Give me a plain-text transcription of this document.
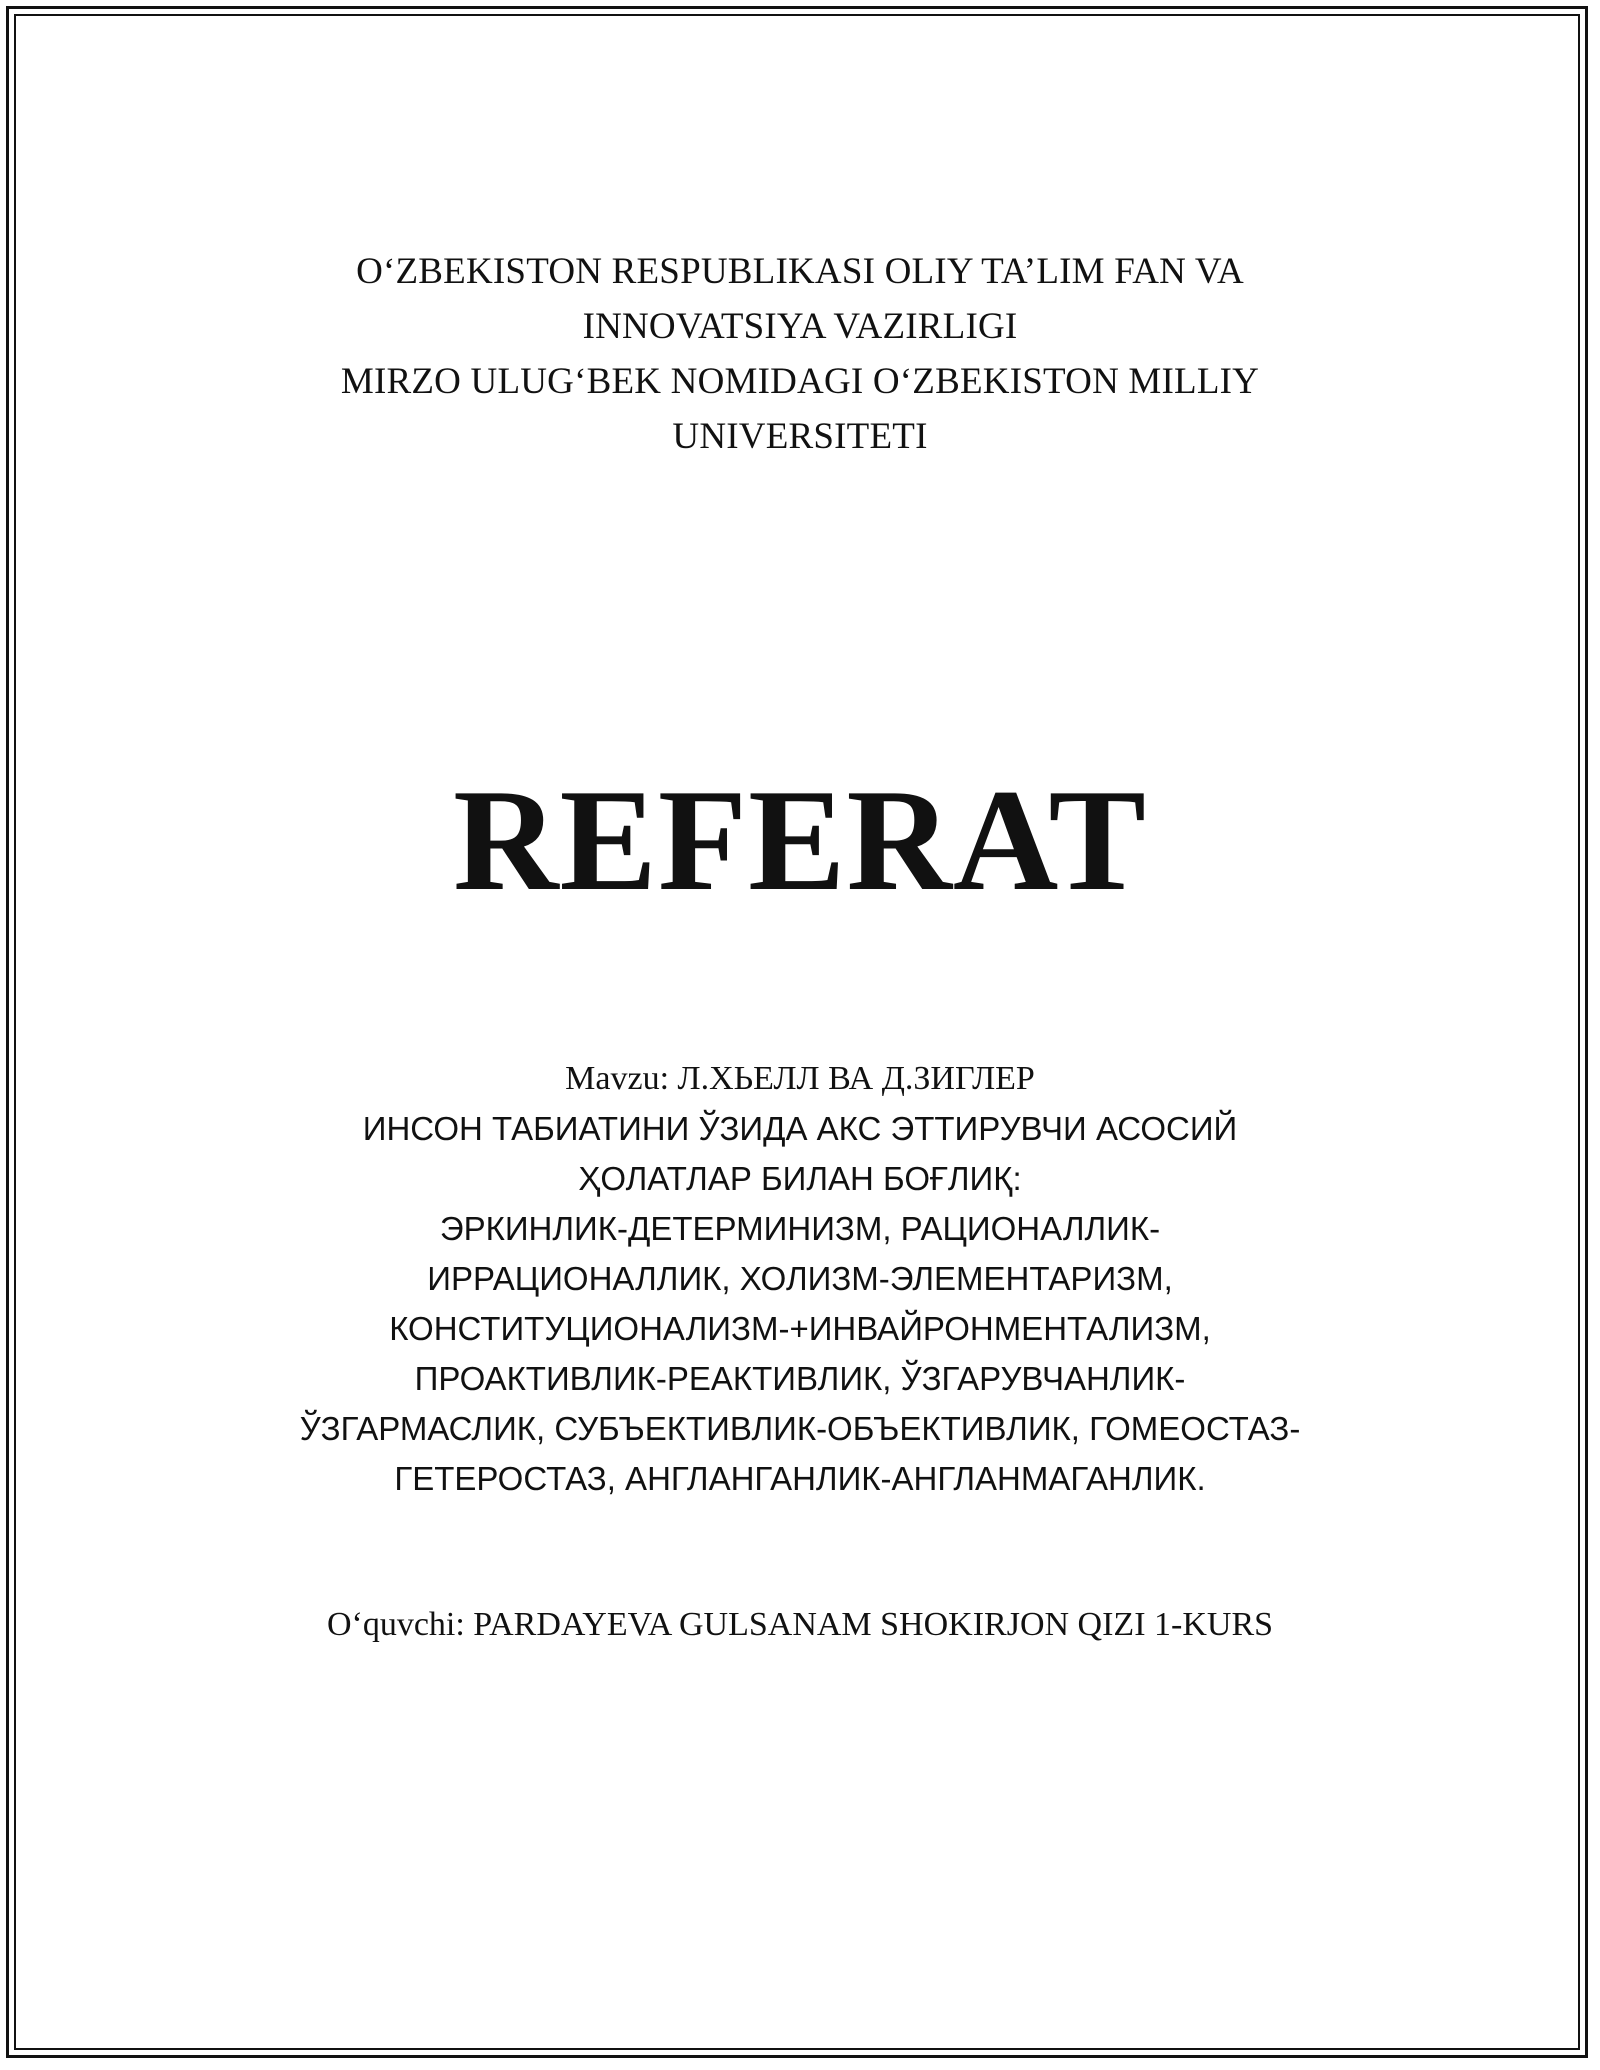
O‘ZBEKISTON RESPUBLIKASI OLIY TA’LIM FAN VA
INNOVATSIYA VAZIRLIGI
MIRZO ULUG‘BEK NOMIDAGI O‘ZBEKISTON MILLIY
UNIVERSITETI
REFERAT
Mavzu: Л.ХЬЕЛЛ ВА Д.ЗИГЛЕР
ИНСОН ТАБИАТИНИ ЎЗИДА АКС ЭТТИРУВЧИ АСОСИЙ
ҲОЛАТЛАР БИЛАН БОҒЛИҚ:
ЭРКИНЛИК-ДЕТЕРМИНИЗМ, РАЦИОНАЛЛИК-
ИРРАЦИОНАЛЛИК, ХОЛИЗМ-ЭЛЕМЕНТАРИЗМ,
КОНСТИТУЦИОНАЛИЗМ-+ИНВАЙРОНМЕНТАЛИЗМ,
ПРОАКТИВЛИК-РЕАКТИВЛИК, ЎЗГАРУВЧАНЛИК-
ЎЗГАРМАСЛИК, СУБЪЕКТИВЛИК-ОБЪЕКТИВЛИК, ГОМЕОСТАЗ-
ГЕТЕРОСТАЗ, АНГЛАНГАНЛИК-АНГЛАНМАГАНЛИК.
O‘quvchi: PARDAYEVA GULSANAM SHOKIRJON QIZI 1-KURS
